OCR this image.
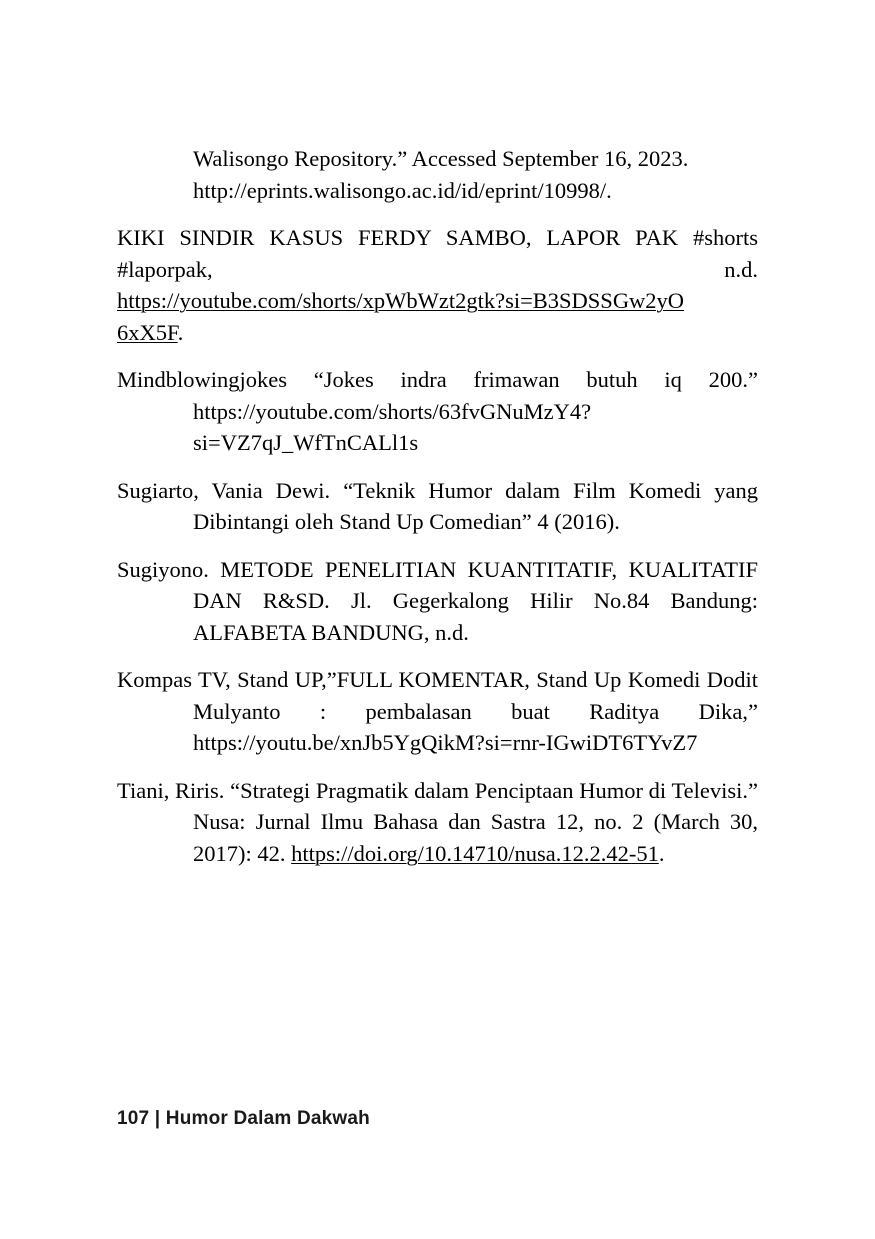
Walisongo Repository.” Accessed September 16, 2023.
http://eprints.walisongo.ac.id/id/eprint/10998/.

KIKI SINDIR KASUS FERDY SAMBO, LAPOR PAK #shorts #laporpak,	n.d.
https://youtube.com/shorts/xpWbWzt2gtk?si=B3SDSSGw2yO
6xX5F.

Mindblowingjokes “Jokes indra frimawan butuh iq 200.” https://youtube.com/shorts/63fvGNuMzY4?si=VZ7qJ_WfTnCALl1s

Sugiarto, Vania Dewi. “Teknik Humor dalam Film Komedi yang Dibintangi oleh Stand Up Comedian” 4 (2016).

Sugiyono. METODE PENELITIAN KUANTITATIF, KUALITATIF DAN R&SD. Jl. Gegerkalong Hilir No.84 Bandung: ALFABETA BANDUNG, n.d.

Kompas TV, Stand UP,”FULL KOMENTAR, Stand Up Komedi Dodit Mulyanto : pembalasan buat Raditya Dika,” https://youtu.be/xnJb5YgQikM?si=rnr-IGwiDT6TYvZ7

Tiani, Riris. “Strategi Pragmatik dalam Penciptaan Humor di Televisi.” Nusa: Jurnal Ilmu Bahasa dan Sastra 12, no. 2 (March 30, 2017): 42. https://doi.org/10.14710/nusa.12.2.42-51.

107 | Humor Dalam Dakwah
